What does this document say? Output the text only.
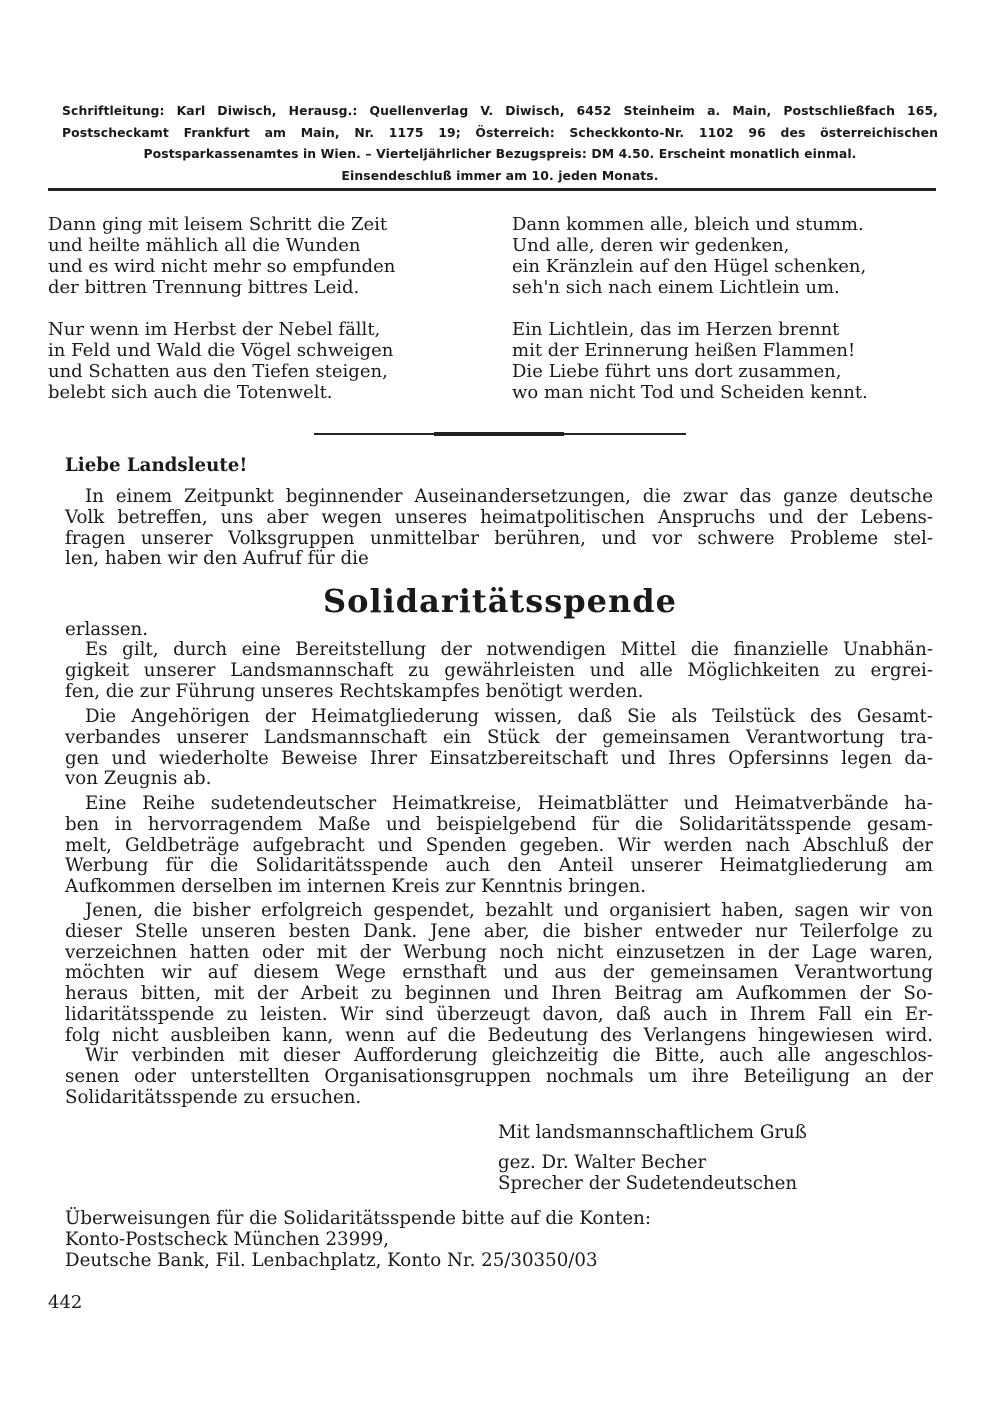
Schriftleitung: Karl Diwisch, Herausg.: Quellenverlag V. Diwisch, 6452 Steinheim a. Main, Postschließfach 165,
Postscheckamt Frankfurt am Main, Nr. 1175 19; Österreich: Scheckkonto-Nr. 1102 96 des österreichischen
Postsparkassenamtes in Wien. – Vierteljährlicher Bezugspreis: DM 4.50. Erscheint monatlich einmal.
Einsendeschluß immer am 10. jeden Monats.
Dann ging mit leisem Schritt die Zeit
und heilte mählich all die Wunden
und es wird nicht mehr so empfunden
der bittren Trennung bittres Leid.
Nur wenn im Herbst der Nebel fällt,
in Feld und Wald die Vögel schweigen
und Schatten aus den Tiefen steigen,
belebt sich auch die Totenwelt.
Dann kommen alle, bleich und stumm.
Und alle, deren wir gedenken,
ein Kränzlein auf den Hügel schenken,
seh'n sich nach einem Lichtlein um.
Ein Lichtlein, das im Herzen brennt
mit der Erinnerung heißen Flammen!
Die Liebe führt uns dort zusammen,
wo man nicht Tod und Scheiden kennt.
Liebe Landsleute!
In einem Zeitpunkt beginnender Auseinandersetzungen, die zwar das ganze deutsche
Volk betreffen, uns aber wegen unseres heimatpolitischen Anspruchs und der Lebens-
fragen unserer Volksgruppen unmittelbar berühren, und vor schwere Probleme stel-
len, haben wir den Aufruf für die
Solidaritätsspende
erlassen.
Es gilt, durch eine Bereitstellung der notwendigen Mittel die finanzielle Unabhän-
gigkeit unserer Landsmannschaft zu gewährleisten und alle Möglichkeiten zu ergrei-
fen, die zur Führung unseres Rechtskampfes benötigt werden.
Die Angehörigen der Heimatgliederung wissen, daß Sie als Teilstück des Gesamt-
verbandes unserer Landsmannschaft ein Stück der gemeinsamen Verantwortung tra-
gen und wiederholte Beweise Ihrer Einsatzbereitschaft und Ihres Opfersinns legen da-
von Zeugnis ab.
Eine Reihe sudetendeutscher Heimatkreise, Heimatblätter und Heimatverbände ha-
ben in hervorragendem Maße und beispielgebend für die Solidaritätsspende gesam-
melt, Geldbeträge aufgebracht und Spenden gegeben. Wir werden nach Abschluß der
Werbung für die Solidaritätsspende auch den Anteil unserer Heimatgliederung am
Aufkommen derselben im internen Kreis zur Kenntnis bringen.
Jenen, die bisher erfolgreich gespendet, bezahlt und organisiert haben, sagen wir von
dieser Stelle unseren besten Dank. Jene aber, die bisher entweder nur Teilerfolge zu
verzeichnen hatten oder mit der Werbung noch nicht einzusetzen in der Lage waren,
möchten wir auf diesem Wege ernsthaft und aus der gemeinsamen Verantwortung
heraus bitten, mit der Arbeit zu beginnen und Ihren Beitrag am Aufkommen der So-
lidaritätsspende zu leisten. Wir sind überzeugt davon, daß auch in Ihrem Fall ein Er-
folg nicht ausbleiben kann, wenn auf die Bedeutung des Verlangens hingewiesen wird.
Wir verbinden mit dieser Aufforderung gleichzeitig die Bitte, auch alle angeschlos-
senen oder unterstellten Organisationsgruppen nochmals um ihre Beteiligung an der
Solidaritätsspende zu ersuchen.
Mit landsmannschaftlichem Gruß
gez. Dr. Walter Becher
Sprecher der Sudetendeutschen
Überweisungen für die Solidaritätsspende bitte auf die Konten:
Konto-Postscheck München 23999,
Deutsche Bank, Fil. Lenbachplatz, Konto Nr. 25/30350/03
442
